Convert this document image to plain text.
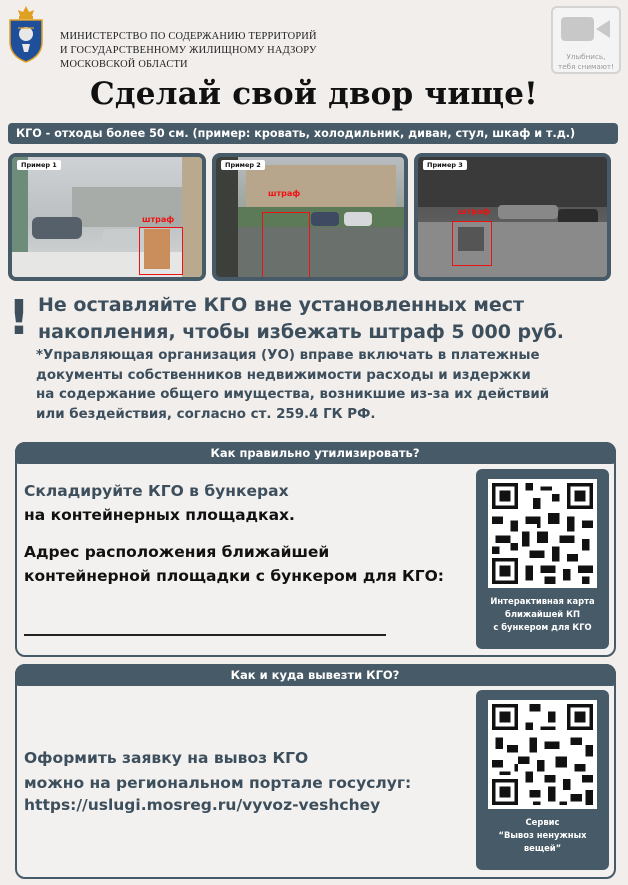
МИНИСТЕРСТВО ПО СОДЕРЖАНИЮ ТЕРРИТОРИЙ
И ГОСУДАРСТВЕННОМУ ЖИЛИЩНОМУ НАДЗОРУ
МОСКОВСКОЙ ОБЛАСТИ
Улыбнись,
тебя снимают!
Сделай свой двор чище!
КГО - отходы более 50 см. (пример: кровать, холодильник, диван, стул, шкаф и т.д.)
Пример 1
штраф
Пример 2
штраф
Пример 3
штраф
! Не оставляйте КГО вне установленных мест
накопления, чтобы избежать штраф 5 000 руб.
*Управляющая организация (УО) вправе включать в платежные
документы собственников недвижимости расходы и издержки
на содержание общего имущества, возникшие из-за их действий
или бездействия, согласно ст. 259.4 ГК РФ.
Как правильно утилизировать?
Складируйте КГО в бункерах
на контейнерных площадках.
Адрес расположения ближайшей
контейнерной площадки с бункером для КГО:
Интерактивная карта
ближайшей КП
с бункером для КГО
Как и куда вывезти КГО?
Оформить заявку на вывоз КГО
можно на региональном портале госуслуг:
https://uslugi.mosreg.ru/vyvoz-veshchey
Сервис
“Вывоз ненужных
вещей”
